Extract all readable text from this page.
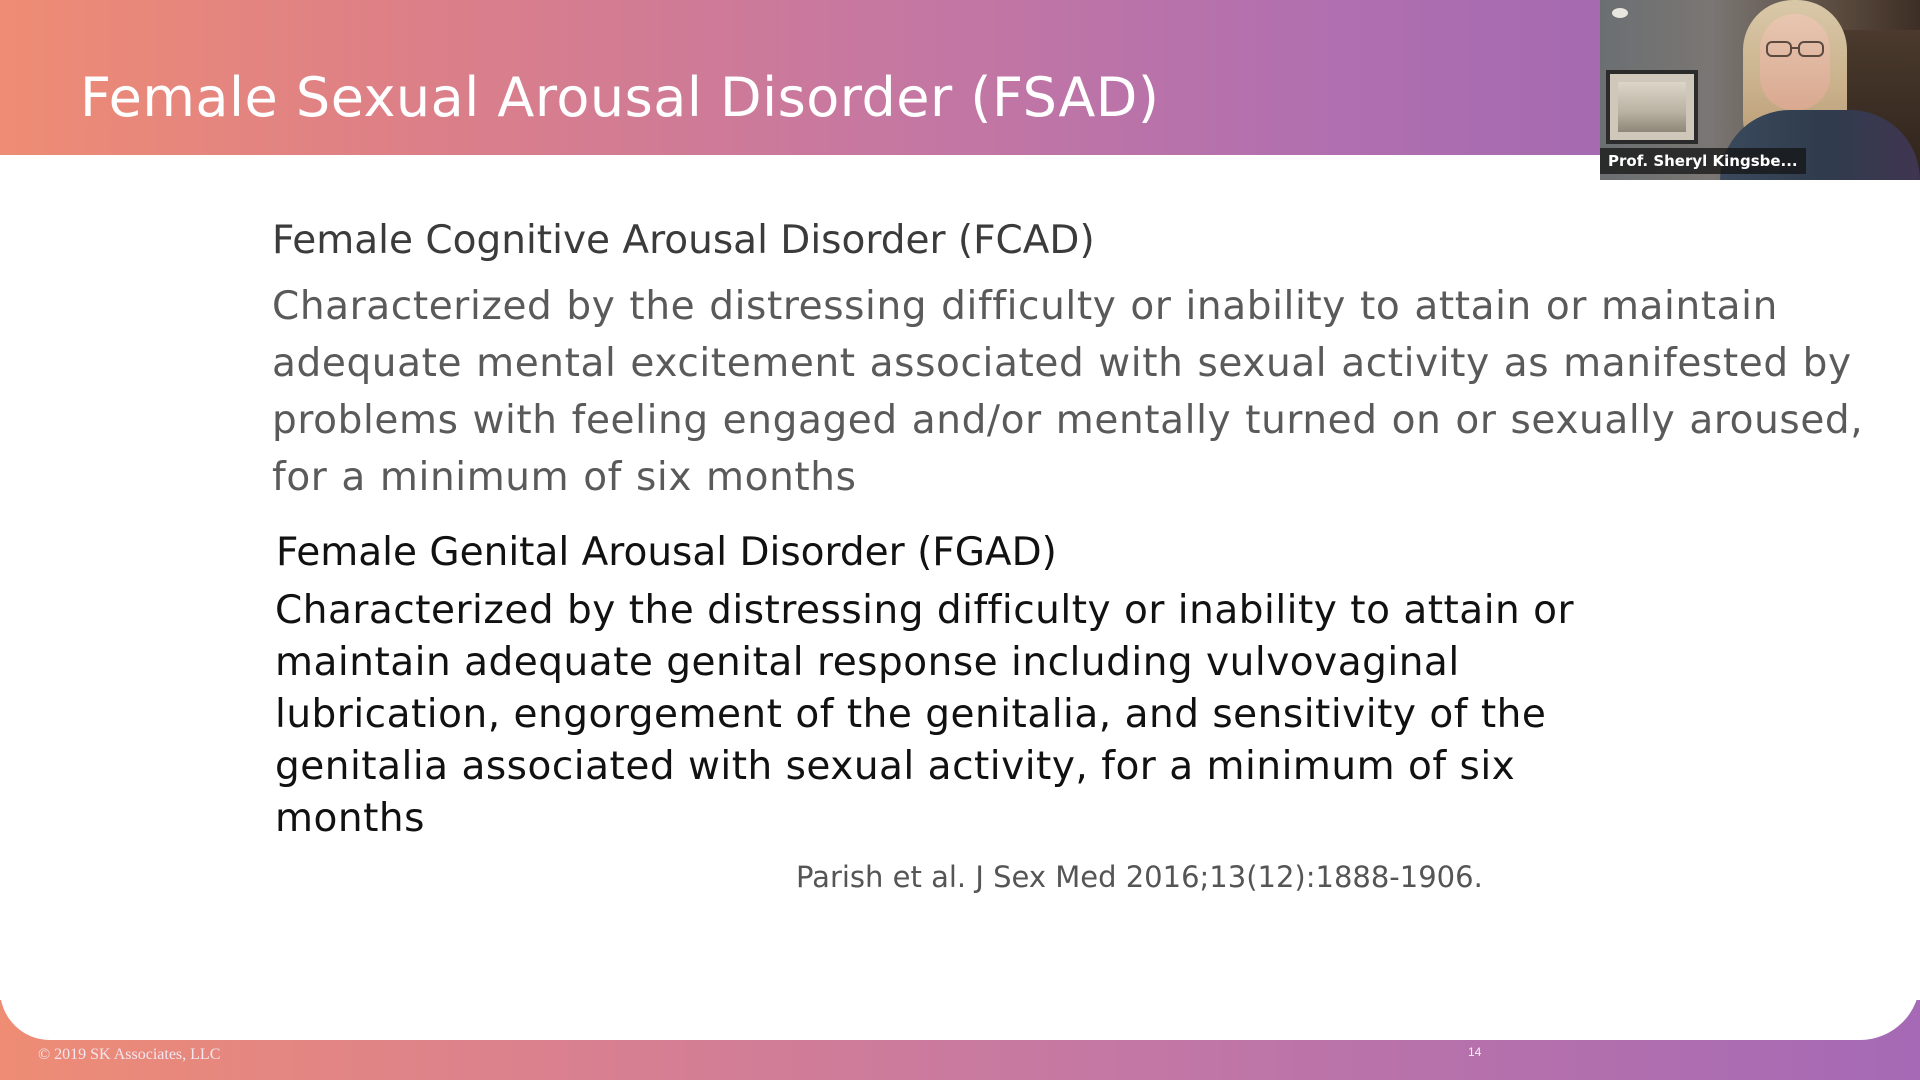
Female Sexual Arousal Disorder (FSAD)
Female Cognitive Arousal Disorder (FCAD)
Characterized by the distressing difficulty or inability to attain or maintain
adequate mental excitement associated with sexual activity as manifested by
problems with feeling engaged and/or mentally turned on or sexually aroused,
for a minimum of six months
Female Genital Arousal Disorder (FGAD)
Characterized by the distressing difficulty or inability to attain or
maintain adequate genital response including vulvovaginal
lubrication, engorgement of the genitalia, and sensitivity of the
genitalia associated with sexual activity, for a minimum of six
months
Parish et al. J Sex Med 2016;13(12):1888-1906.
© 2019 SK Associates, LLC	14
Prof. Sheryl Kingsbe...
